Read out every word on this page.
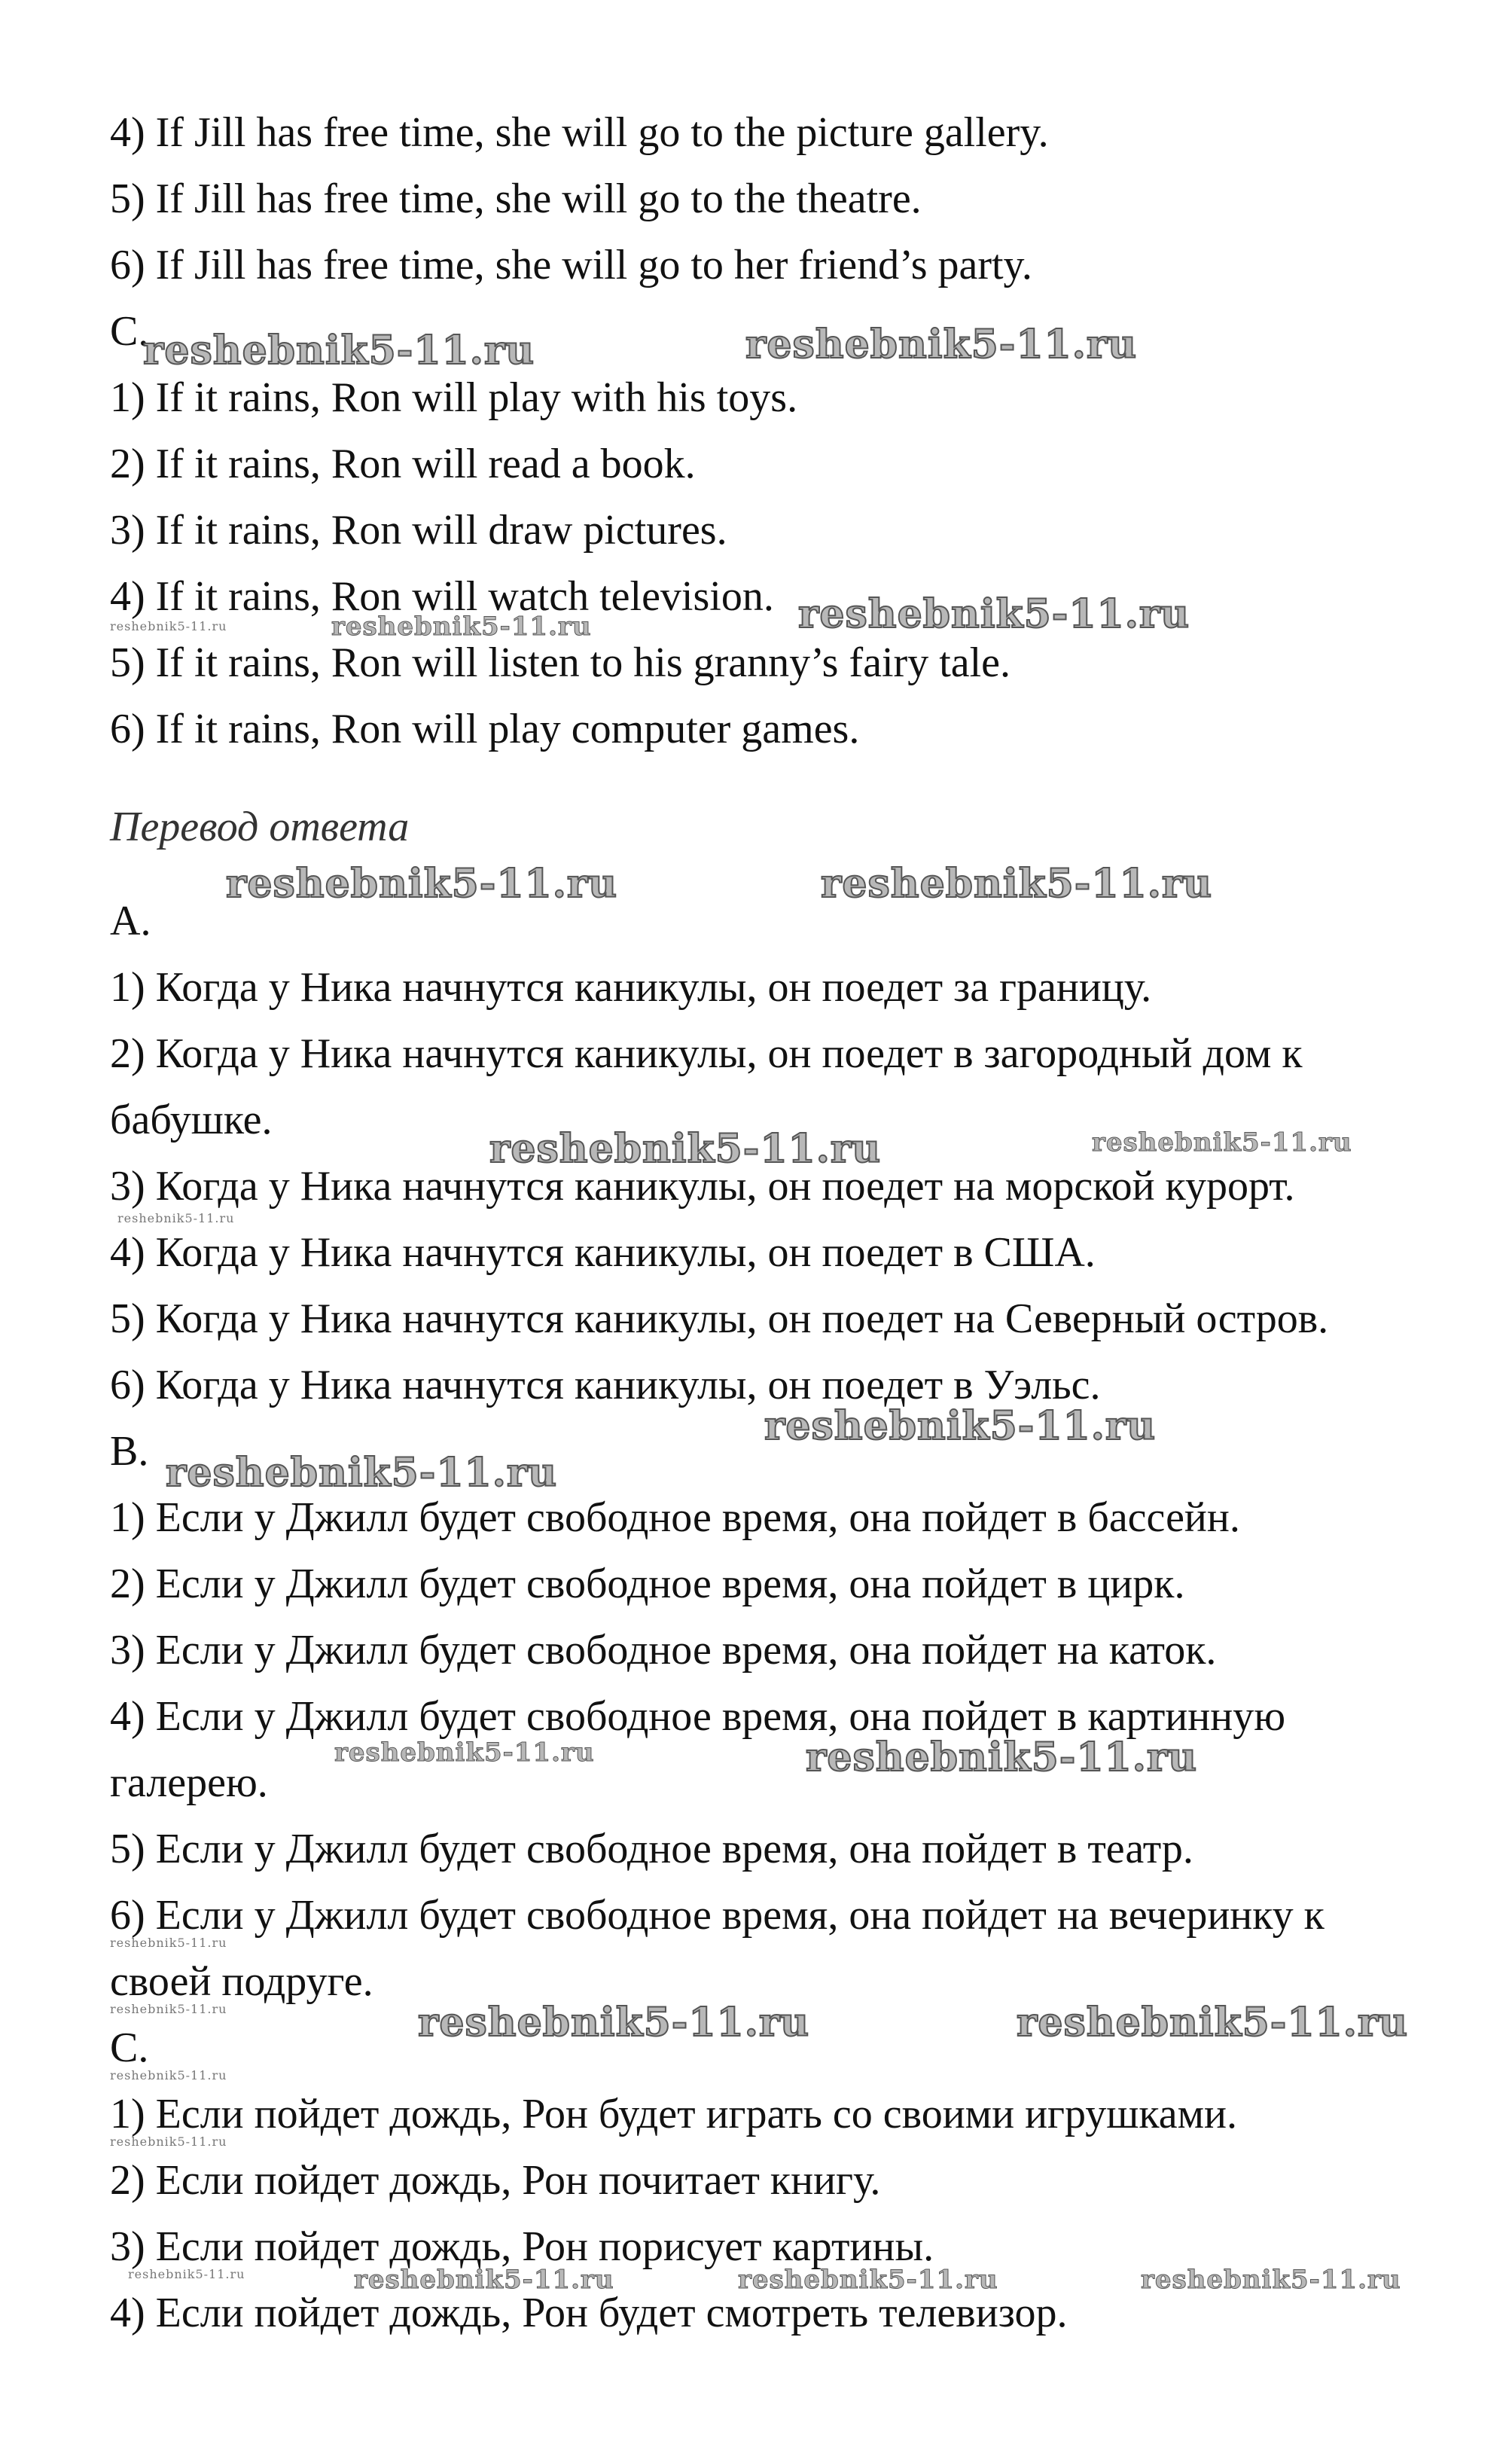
4) If Jill has free time, she will go to the picture gallery.
5) If Jill has free time, she will go to the theatre.
6) If Jill has free time, she will go to her friend’s party.
C.
1) If it rains, Ron will play with his toys.
2) If it rains, Ron will read a book.
3) If it rains, Ron will draw pictures.
4) If it rains, Ron will watch television.
5) If it rains, Ron will listen to his granny’s fairy tale.
6) If it rains, Ron will play computer games.
Перевод ответа
A.
1) Когда у Ника начнутся каникулы, он поедет за границу.
2) Когда у Ника начнутся каникулы, он поедет в загородный дом к
бабушке.
3) Когда у Ника начнутся каникулы, он поедет на морской курорт.
4) Когда у Ника начнутся каникулы, он поедет в США.
5) Когда у Ника начнутся каникулы, он поедет на Северный остров.
6) Когда у Ника начнутся каникулы, он поедет в Уэльс.
B.
1) Если у Джилл будет свободное время, она пойдет в бассейн.
2) Если у Джилл будет свободное время, она пойдет в цирк.
3) Если у Джилл будет свободное время, она пойдет на каток.
4) Если у Джилл будет свободное время, она пойдет в картинную
галерею.
5) Если у Джилл будет свободное время, она пойдет в театр.
6) Если у Джилл будет свободное время, она пойдет на вечеринку к
своей подруге.
C.
1) Если пойдет дождь, Рон будет играть со своими игрушками.
2) Если пойдет дождь, Рон почитает книгу.
3) Если пойдет дождь, Рон порисует картины.
4) Если пойдет дождь, Рон будет смотреть телевизор.
reshebnik5-11.ru	reshebnik5-11.ru
reshebnik5-11.ru
reshebnik5-11.ru	reshebnik5-11.ru
reshebnik5-11.ru	reshebnik5-11.ru
reshebnik5-11.ru	reshebnik5-11.ru
reshebnik5-11.ru
reshebnik5-11.ru
reshebnik5-11.ru
reshebnik5-11.ru	reshebnik5-11.ru
reshebnik5-11.ru
reshebnik5-11.ru	reshebnik5-11.ru	reshebnik5-11.ru
reshebnik5-11.ru
reshebnik5-11.ru
reshebnik5-11.ru	reshebnik5-11.ru	reshebnik5-11.ru	reshebnik5-11.ru
